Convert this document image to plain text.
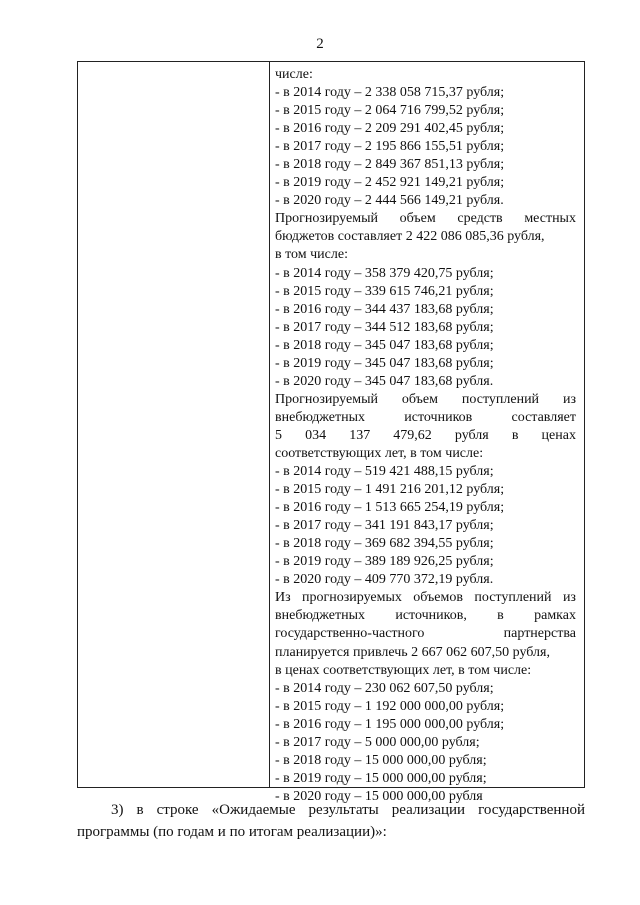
2
числе:
- в 2014 году – 2 338 058 715,37 рубля;
- в 2015 году – 2 064 716 799,52 рубля;
- в 2016 году – 2 209 291 402,45 рубля;
- в 2017 году – 2 195 866 155,51 рубля;
- в 2018 году – 2 849 367 851,13 рубля;
- в 2019 году – 2 452 921 149,21 рубля;
- в 2020 году – 2 444 566 149,21 рубля.
Прогнозируемый объем средств местных
бюджетов составляет 2 422 086 085,36 рубля,
в том числе:
- в 2014 году – 358 379 420,75 рубля;
- в 2015 году – 339 615 746,21 рубля;
- в 2016 году – 344 437 183,68 рубля;
- в 2017 году – 344 512 183,68 рубля;
- в 2018 году – 345 047 183,68 рубля;
- в 2019 году – 345 047 183,68 рубля;
- в 2020 году – 345 047 183,68 рубля.
Прогнозируемый объем поступлений из
внебюджетных	источников	составляет
5 034 137 479,62 рубля в ценах
соответствующих лет, в том числе:
- в 2014 году – 519 421 488,15 рубля;
- в 2015 году – 1 491 216 201,12 рубля;
- в 2016 году – 1 513 665 254,19 рубля;
- в 2017 году – 341 191 843,17 рубля;
- в 2018 году – 369 682 394,55 рубля;
- в 2019 году – 389 189 926,25 рубля;
- в 2020 году – 409 770 372,19 рубля.
Из прогнозируемых объемов поступлений из
внебюджетных источников, в рамках
государственно-частного	партнерства
планируется привлечь 2 667 062 607,50 рубля,
в ценах соответствующих лет, в том числе:
- в 2014 году – 230 062 607,50 рубля;
- в 2015 году – 1 192 000 000,00 рубля;
- в 2016 году – 1 195 000 000,00 рубля;
- в 2017 году – 5 000 000,00 рубля;
- в 2018 году – 15 000 000,00 рубля;
- в 2019 году – 15 000 000,00 рубля;
- в 2020 году – 15 000 000,00 рубля
3) в строке «Ожидаемые результаты реализации государственной
программы (по годам и по итогам реализации)»:
